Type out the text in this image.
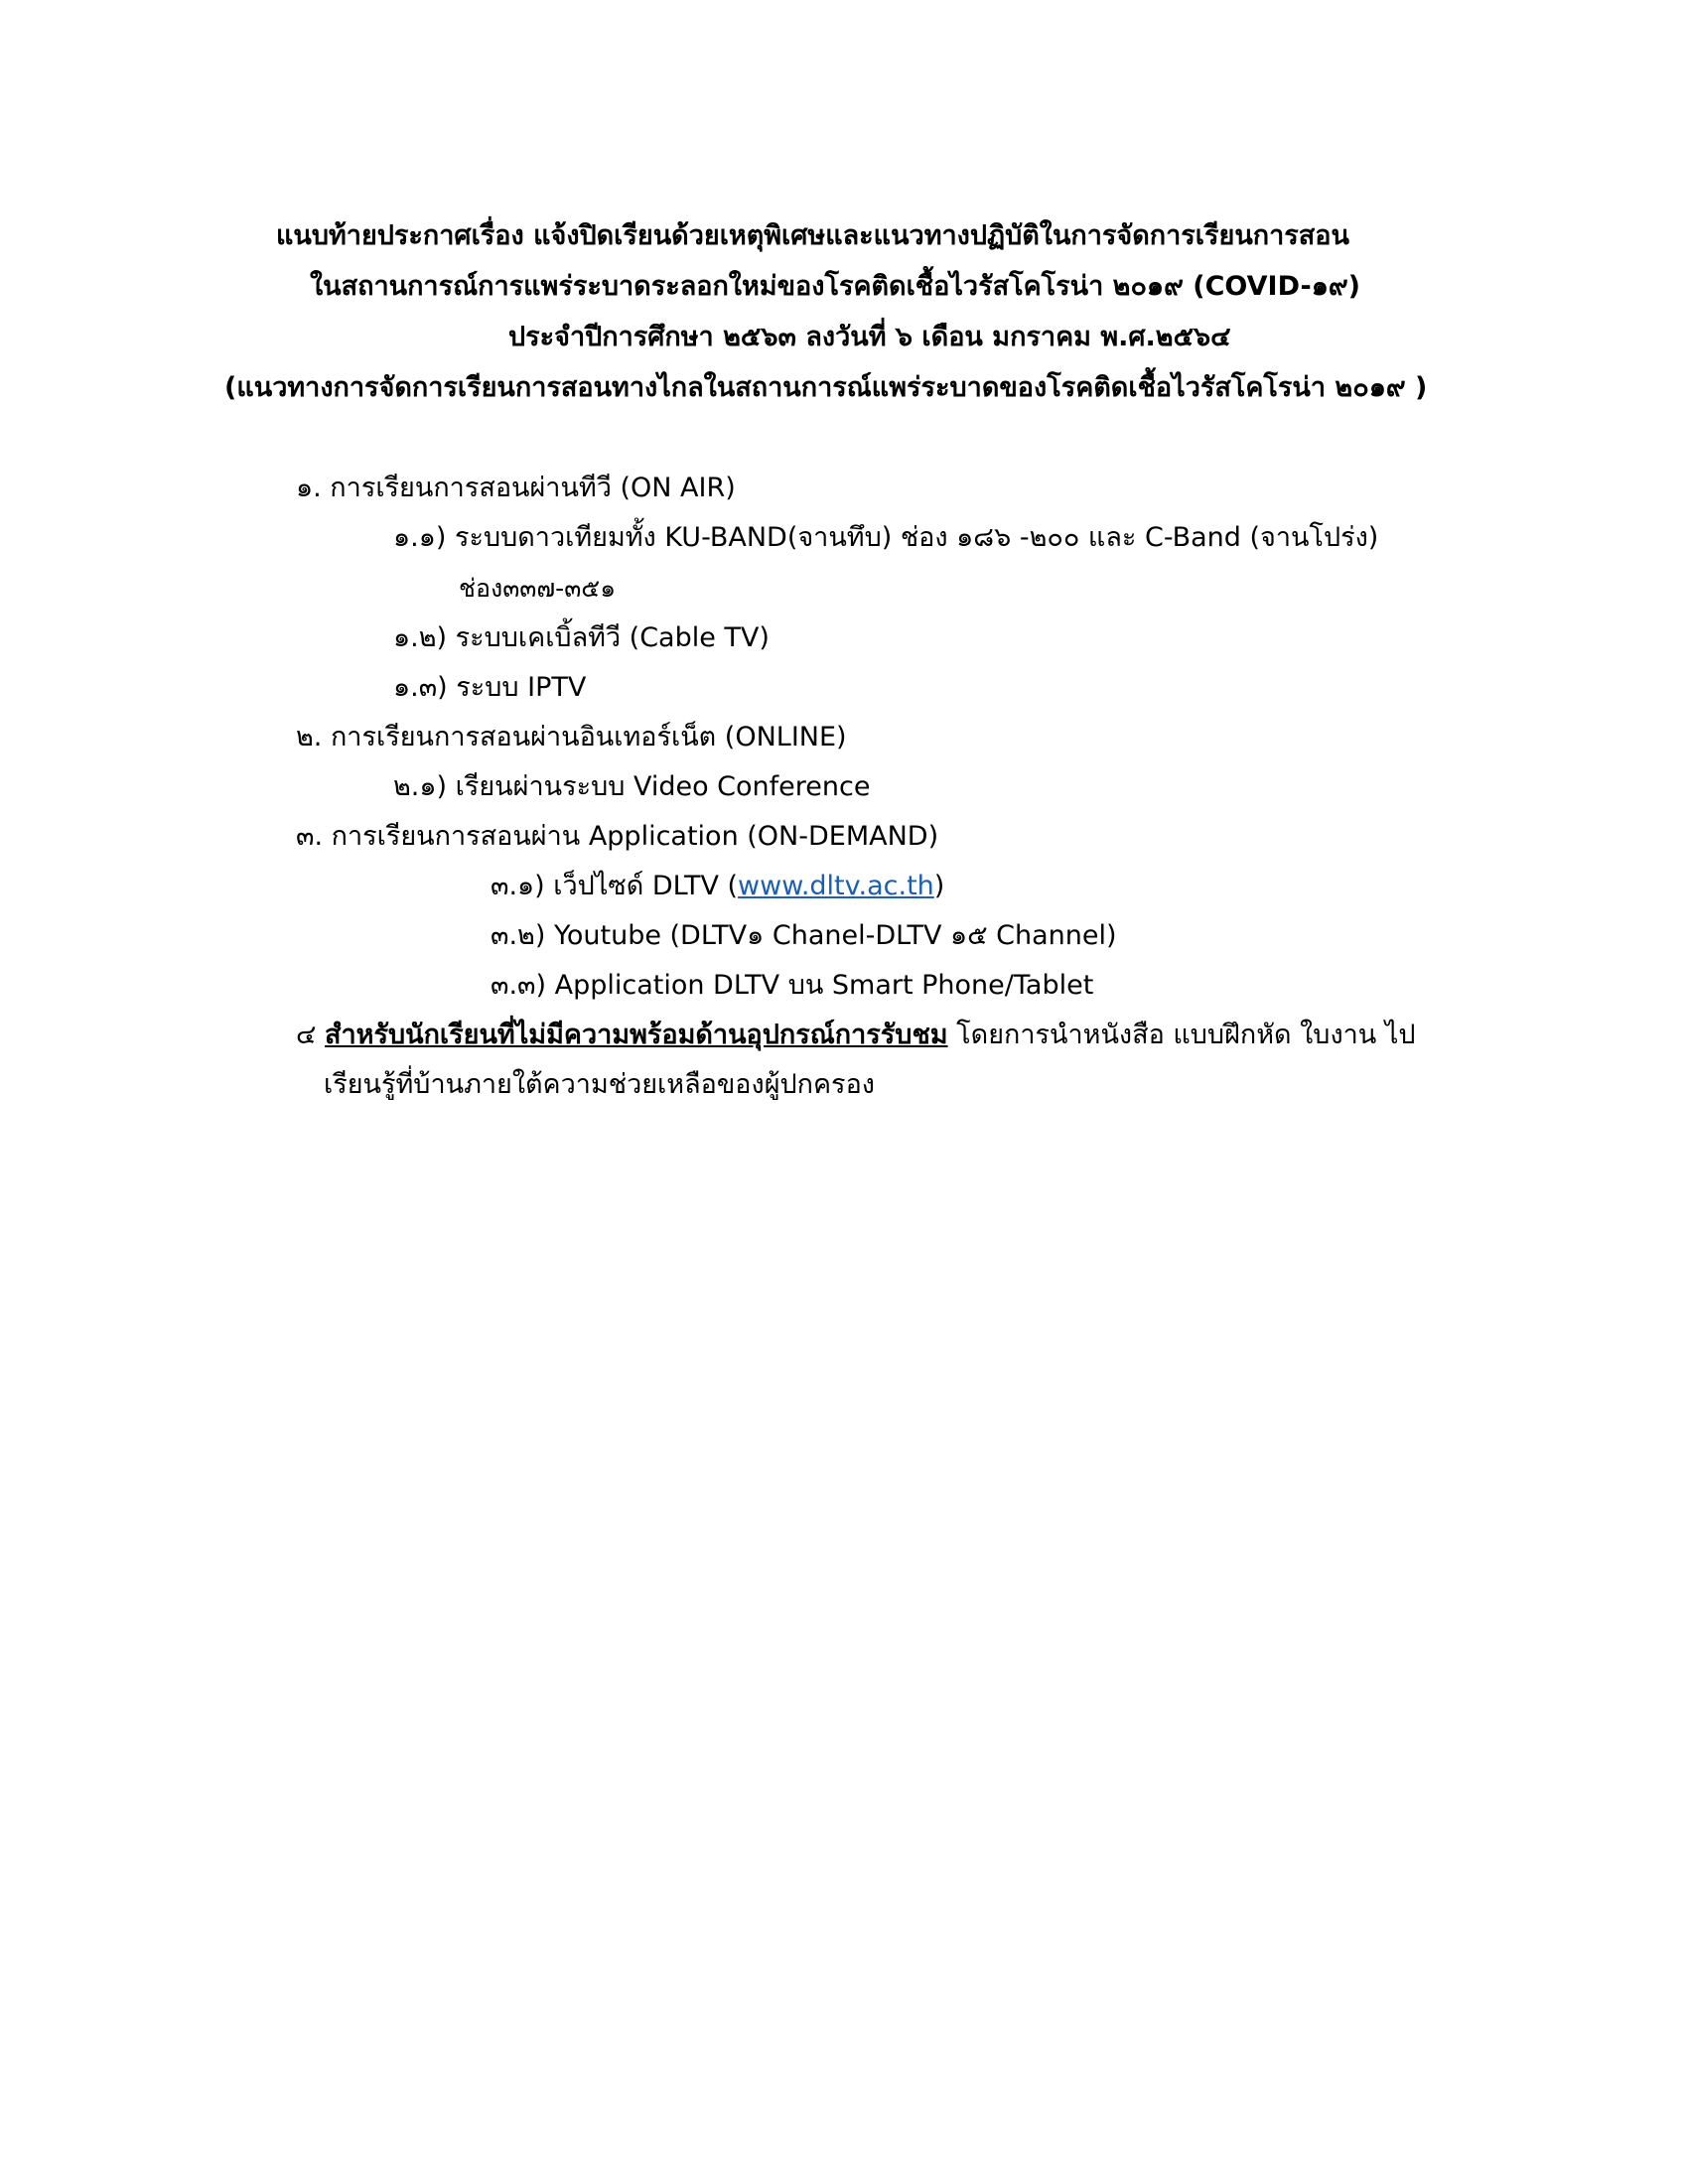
แนบท้ายประกาศเรื่อง แจ้งปิดเรียนด้วยเหตุพิเศษและแนวทางปฏิบัติในการจัดการเรียนการสอน
ในสถานการณ์การแพร่ระบาดระลอกใหม่ของโรคติดเชื้อไวรัสโคโรน่า ๒๐๑๙ (COVID-๑๙)
ประจำปีการศึกษา ๒๕๖๓ ลงวันที่ ๖ เดือน มกราคม พ.ศ.๒๕๖๔
(แนวทางการจัดการเรียนการสอนทางไกลในสถานการณ์แพร่ระบาดของโรคติดเชื้อไวรัสโคโรน่า ๒๐๑๙ )
๑. การเรียนการสอนผ่านทีวี (ON AIR)
๑.๑) ระบบดาวเทียมทั้ง KU-BAND(จานทึบ) ช่อง ๑๘๖ -๒๐๐ และ C-Band (จานโปร่ง)
ช่อง๓๓๗-๓๕๑
๑.๒) ระบบเคเบิ้ลทีวี (Cable TV)
๑.๓) ระบบ IPTV
๒. การเรียนการสอนผ่านอินเทอร์เน็ต (ONLINE)
๒.๑) เรียนผ่านระบบ Video Conference
๓. การเรียนการสอนผ่าน Application (ON-DEMAND)
๓.๑) เว็ปไซด์ DLTV (www.dltv.ac.th)
๓.๒) Youtube (DLTV๑ Chanel-DLTV ๑๕ Channel)
๓.๓) Application DLTV บน Smart Phone/Tablet
๔ สำหรับนักเรียนที่ไม่มีความพร้อมด้านอุปกรณ์การรับชม โดยการนำหนังสือ แบบฝึกหัด ใบงาน ไป
เรียนรู้ที่บ้านภายใต้ความช่วยเหลือของผู้ปกครอง
